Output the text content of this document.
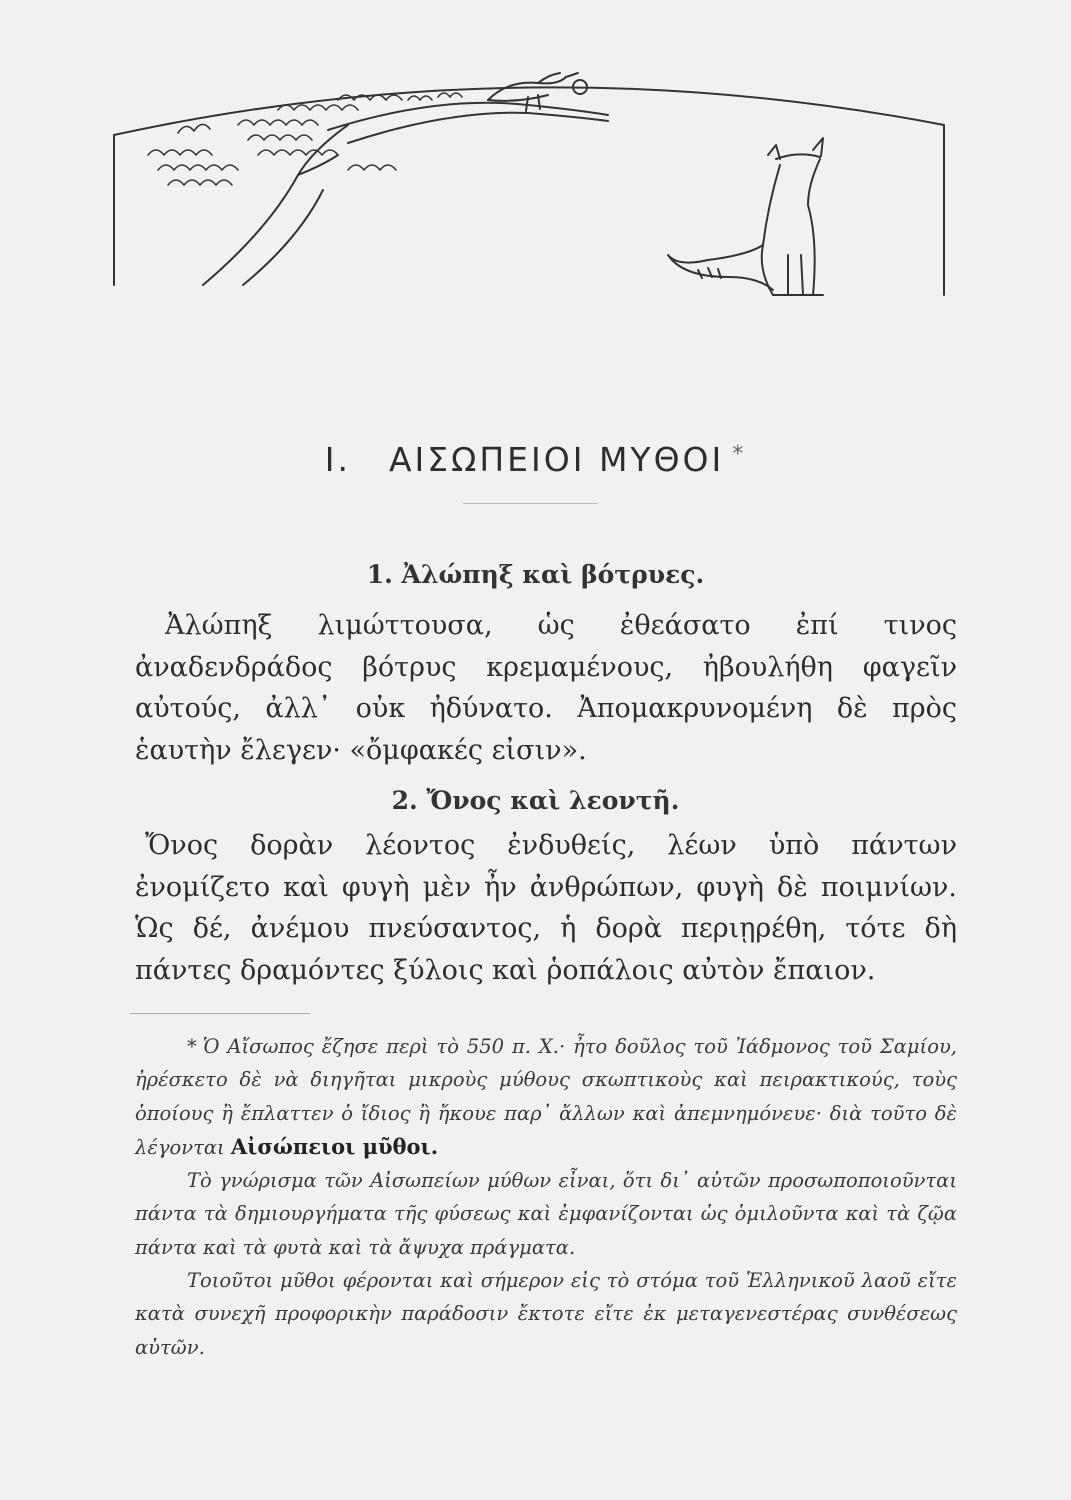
I. ΑΙΣΩΠΕΙΟΙ ΜΥΘΟΙ *
1. Ἀλώπηξ καὶ βότρυες.
Ἀλώπηξ λιμώττουσα, ὡς ἐθεάσατο ἐπί τινος ἀναδενδράδος βότρυς κρεμαμένους, ἠβουλήθη φαγεῖν αὐτούς, ἀλλ᾽ οὐκ ἠδύνατο. Ἀπομακρυνομένη δὲ πρὸς ἑαυτὴν ἔλεγεν· «ὄμφακές εἰσιν».
2. Ὄνος καὶ λεοντῆ.
Ὄνος δορὰν λέοντος ἐνδυθείς, λέων ὑπὸ πάντων ἐνομίζετο καὶ φυγὴ μὲν ἦν ἀνθρώπων, φυγὴ δὲ ποιμνίων. Ὡς δέ, ἀνέμου πνεύσαντος, ἡ δορὰ περιῃρέθη, τότε δὴ πάντες δραμόντες ξύλοις καὶ ῥοπάλοις αὐτὸν ἔπαιον.

* Ὁ Αἴσωπος ἔζησε περὶ τὸ 550 π. Χ.· ἦτο δοῦλος τοῦ Ἰάδμονος τοῦ Σαμίου, ἠρέσκετο δὲ νὰ διηγῆται μικροὺς μύθους σκωπτικοὺς καὶ πειρακτικούς, τοὺς ὁποίους ἢ ἔπλαττεν ὁ ἴδιος ἢ ἤκουε παρ᾽ ἄλλων καὶ ἀπεμνημόνευε· διὰ τοῦτο δὲ λέγονται Αἰσώπειοι μῦθοι.

Τὸ γνώρισμα τῶν Αἰσωπείων μύθων εἶναι, ὅτι δι᾽ αὐτῶν προσωποποιοῦνται πάντα τὰ δημιουργήματα τῆς φύσεως καὶ ἐμφανίζονται ὡς ὁμιλοῦντα καὶ τὰ ζῷα πάντα καὶ τὰ φυτὰ καὶ τὰ ἄψυχα πράγματα.

Τοιοῦτοι μῦθοι φέρονται καὶ σήμερον εἰς τὸ στόμα τοῦ Ἑλληνικοῦ λαοῦ εἴτε κατὰ συνεχῆ προφορικὴν παράδοσιν ἔκτοτε εἴτε ἐκ μεταγενεστέρας συνθέσεως αὐτῶν.
